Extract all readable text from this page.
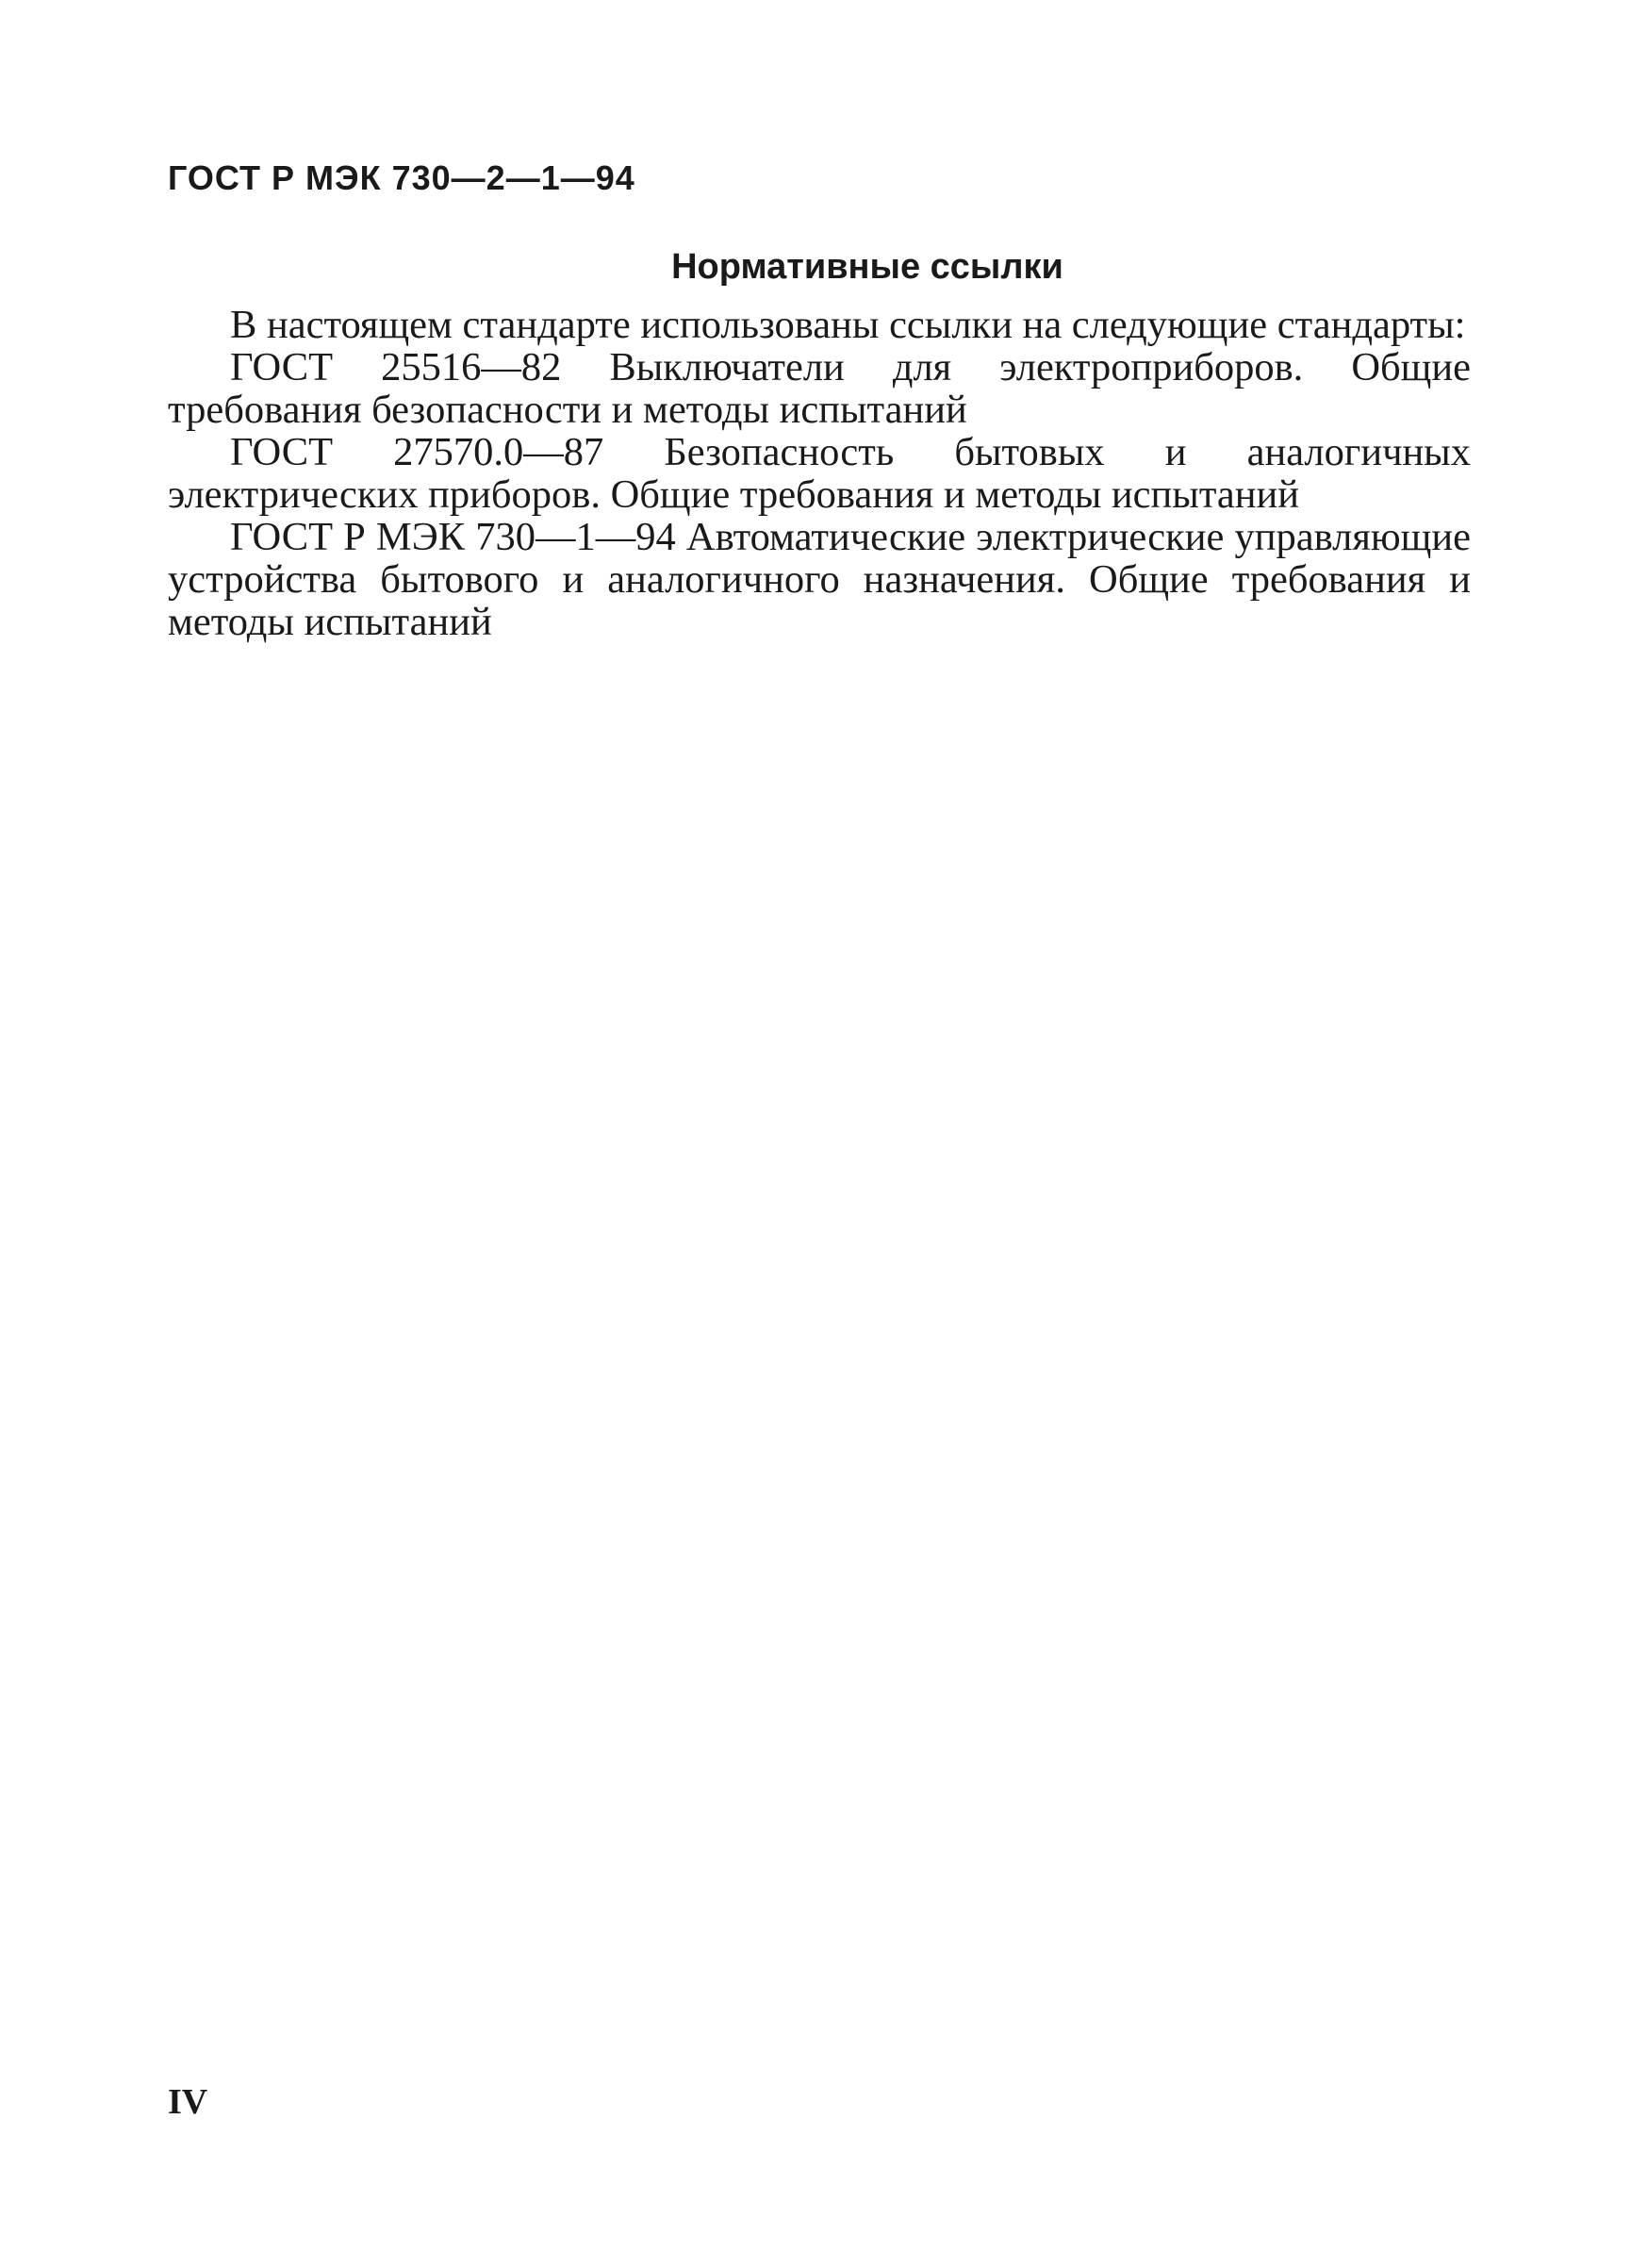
ГОСТ Р МЭК 730—2—1—94
Нормативные ссылки

В настоящем стандарте использованы ссылки на следующие стандарты:

ГОСТ 25516—82 Выключатели для электроприборов. Общие требования безопасности и методы испытаний

ГОСТ 27570.0—87 Безопасность бытовых и аналогичных электрических приборов. Общие требования и методы испытаний

ГОСТ Р МЭК 730—1—94 Автоматические электрические управляющие устройства бытового и аналогичного назначения. Общие требования и методы испытаний

IV
